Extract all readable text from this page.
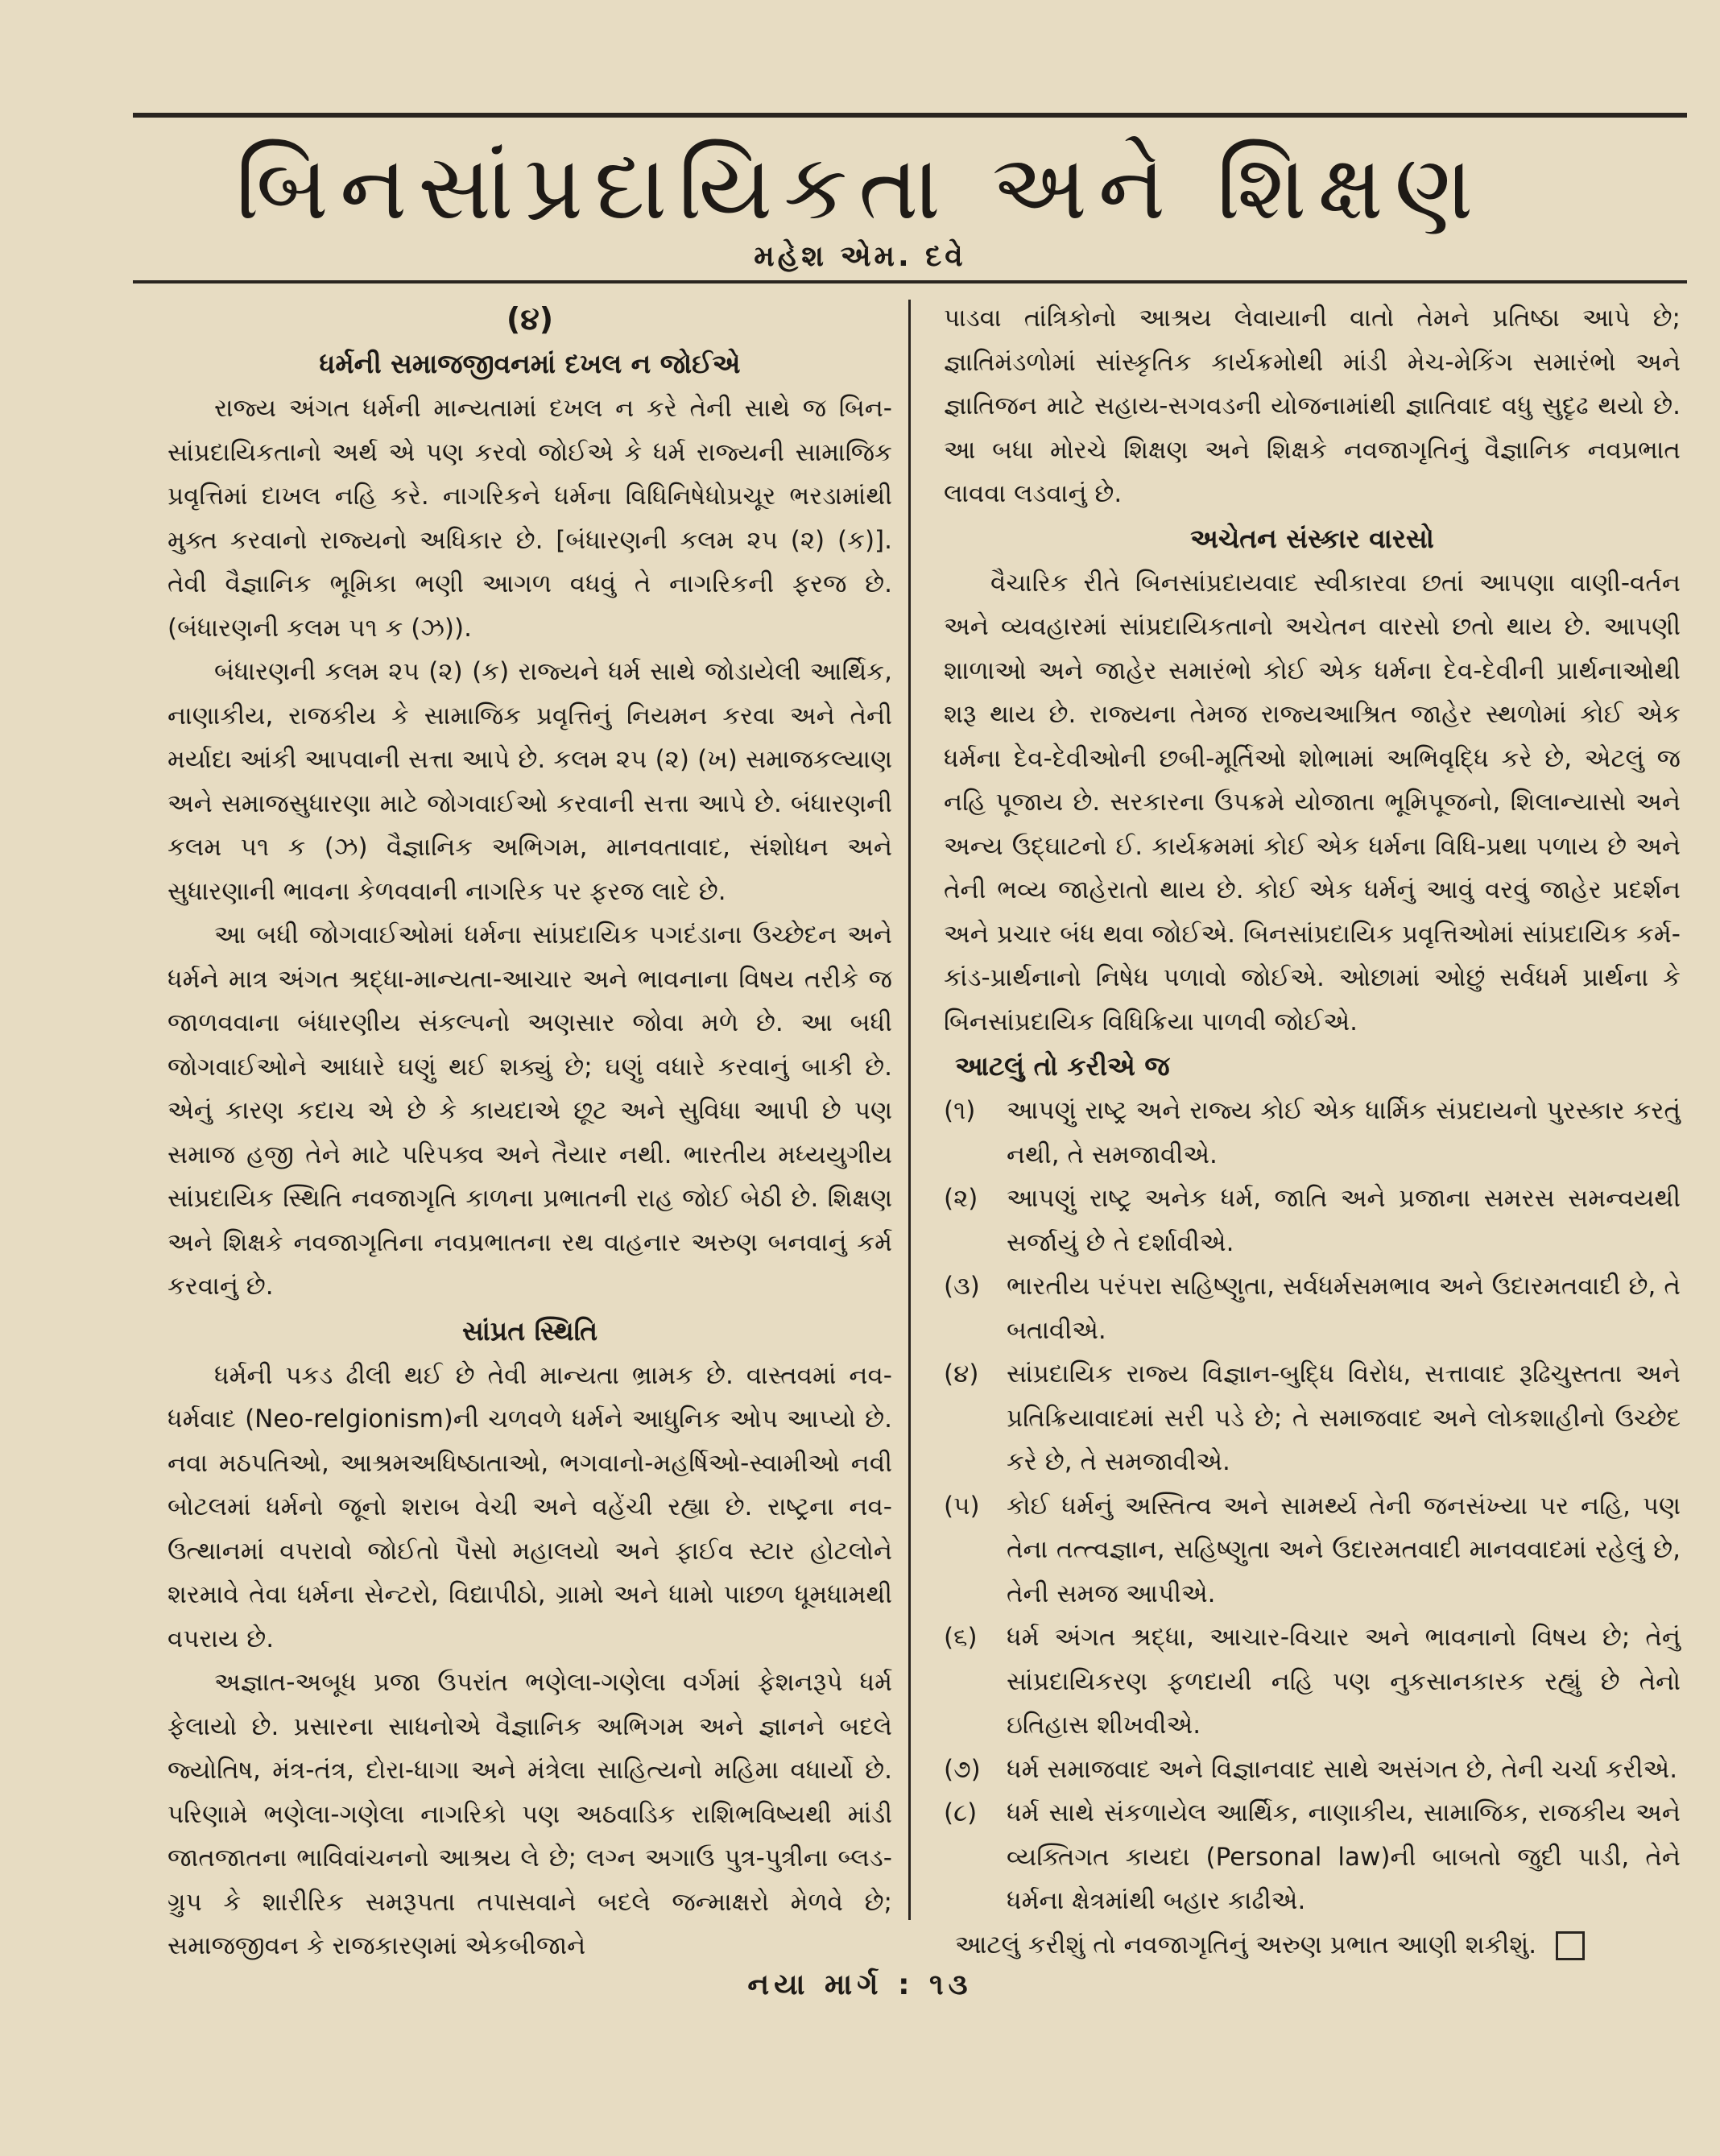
બિનસાંપ્રદાયિકતા અને શિક્ષણ
મહેશ એમ. દવે

(૪)

ધર્મની સમાજજીવનમાં દખલ ન જોઈએ

રાજ્ય અંગત ધર્મની માન્યતામાં દખલ ન કરે તેની સાથે જ બિન-સાંપ્રદાયિકતાનો અર્થ એ પણ કરવો જોઈએ કે ધર્મ રાજ્યની સામાજિક પ્રવૃત્તિમાં દાખલ નહિ કરે. નાગરિકને ધર્મના વિધિનિષેધોપ્રચૂર ભરડામાંથી મુક્ત કરવાનો રાજ્યનો અધિકાર છે. [બંધારણની કલમ ૨૫ (૨) (ક)]. તેવી વૈજ્ઞાનિક ભૂમિકા ભણી આગળ વધવું તે નાગરિકની ફરજ છે. (બંધારણની કલમ ૫૧ ક (ઝ)).

બંધારણની કલમ ૨૫ (૨) (ક) રાજ્યને ધર્મ સાથે જોડાયેલી આર્થિક, નાણાકીય, રાજકીય કે સામાજિક પ્રવૃત્તિનું નિયમન કરવા અને તેની મર્યાદા આંકી આપવાની સત્તા આપે છે. કલમ ૨૫ (૨) (ખ) સમાજકલ્યાણ અને સમાજસુધારણા માટે જોગવાઈઓ કરવાની સત્તા આપે છે. બંધારણની કલમ ૫૧ ક (ઝ) વૈજ્ઞાનિક અભિગમ, માનવતાવાદ, સંશોધન અને સુધારણાની ભાવના કેળવવાની નાગરિક પર ફરજ લાદે છે.

આ બધી જોગવાઈઓમાં ધર્મના સાંપ્રદાયિક પગદંડાના ઉચ્છેદન અને ધર્મને માત્ર અંગત શ્રદ્ધા-માન્યતા-આચાર અને ભાવનાના વિષય તરીકે જ જાળવવાના બંધારણીય સંકલ્પનો અણસાર જોવા મળે છે. આ બધી જોગવાઈઓને આધારે ઘણું થઈ શક્યું છે; ઘણું વધારે કરવાનું બાકી છે. એનું કારણ કદાચ એ છે કે કાયદાએ છૂટ અને સુવિધા આપી છે પણ સમાજ હજી તેને માટે પરિપક્વ અને તૈયાર નથી. ભારતીય મધ્યયુગીય સાંપ્રદાયિક સ્થિતિ નવજાગૃતિ કાળના પ્રભાતની રાહ જોઈ બેઠી છે. શિક્ષણ અને શિક્ષકે નવજાગૃતિના નવપ્રભાતના રથ વાહનાર અરુણ બનવાનું કર્મ કરવાનું છે.

સાંપ્રત સ્થિતિ

ધર્મની પકડ ઢીલી થઈ છે તેવી માન્યતા ભ્રામક છે. વાસ્તવમાં નવ-ધર્મવાદ (Neo-relgionism)ની ચળવળે ધર્મને આધુનિક ઓપ આપ્યો છે. નવા મઠપતિઓ, આશ્રમઅધિષ્ઠાતાઓ, ભગવાનો-મહર્ષિઓ-સ્વામીઓ નવી બોટલમાં ધર્મનો જૂનો શરાબ વેચી અને વહેંચી રહ્યા છે. રાષ્ટ્રના નવ-ઉત્થાનમાં વપરાવો જોઈતો પૈસો મહાલયો અને ફાઈવ સ્ટાર હોટલોને શરમાવે તેવા ધર્મના સેન્ટરો, વિદ્યાપીઠો, ગ્રામો અને ધામો પાછળ ધૂમધામથી વપરાય છે.

અજ્ઞાત-અબૂધ પ્રજા ઉપરાંત ભણેલા-ગણેલા વર્ગમાં ફેશનરૂપે ધર્મ ફેલાયો છે. પ્રસારના સાધનોએ વૈજ્ઞાનિક અભિગમ અને જ્ઞાનને બદલે જ્યોતિષ, મંત્ર-તંત્ર, દોરા-ધાગા અને મંત્રેલા સાહિત્યનો મહિમા વધાર્યો છે. પરિણામે ભણેલા-ગણેલા નાગરિકો પણ અઠવાડિક રાશિભવિષ્યથી માંડી જાતજાતના ભાવિવાંચનનો આશ્રય લે છે; લગ્ન અગાઉ પુત્ર-પુત્રીના બ્લડ-ગ્રુપ કે શારીરિક સમરૂપતા તપાસવાને બદલે જન્માક્ષરો મેળવે છે; સમાજજીવન કે રાજકારણમાં એકબીજાને

પાડવા તાંત્રિકોનો આશ્રય લેવાયાની વાતો તેમને પ્રતિષ્ઠા આપે છે; જ્ઞાતિમંડળોમાં સાંસ્કૃતિક કાર્યક્રમોથી માંડી મેચ-મેકિંગ સમારંભો અને જ્ઞાતિજન માટે સહાય-સગવડની યોજનામાંથી જ્ઞાતિવાદ વધુ સુદૃઢ થયો છે. આ બધા મોરચે શિક્ષણ અને શિક્ષકે નવજાગૃતિનું વૈજ્ઞાનિક નવપ્રભાત લાવવા લડવાનું છે.

અચેતન સંસ્કાર વારસો

વૈચારિક રીતે બિનસાંપ્રદાયવાદ સ્વીકારવા છતાં આપણા વાણી-વર્તન અને વ્યવહારમાં સાંપ્રદાયિકતાનો અચેતન વારસો છતો થાય છે. આપણી શાળાઓ અને જાહેર સમારંભો કોઈ એક ધર્મના દેવ-દેવીની પ્રાર્થનાઓથી શરૂ થાય છે. રાજ્યના તેમજ રાજ્યઆશ્રિત જાહેર સ્થળોમાં કોઈ એક ધર્મના દેવ-દેવીઓની છબી-મૂર્તિઓ શોભામાં અભિવૃદ્ધિ કરે છે, એટલું જ નહિ પૂજાય છે. સરકારના ઉપક્રમે યોજાતા ભૂમિપૂજનો, શિલાન્યાસો અને અન્ય ઉદ્ઘાટનો ઈ. કાર્યક્રમમાં કોઈ એક ધર્મના વિધિ-પ્રથા પળાય છે અને તેની ભવ્ય જાહેરાતો થાય છે. કોઈ એક ધર્મનું આવું વરવું જાહેર પ્રદર્શન અને પ્રચાર બંધ થવા જોઈએ. બિનસાંપ્રદાયિક પ્રવૃત્તિઓમાં સાંપ્રદાયિક કર્મ-કાંડ-પ્રાર્થનાનો નિષેધ પળાવો જોઈએ. ઓછામાં ઓછું સર્વધર્મ પ્રાર્થના કે બિનસાંપ્રદાયિક વિધિક્રિયા પાળવી જોઈએ.

આટલું તો કરીએ જ

(૧)	આપણું રાષ્ટ્ર અને રાજ્ય કોઈ એક ધાર્મિક સંપ્રદાયનો પુરસ્કાર કરતું નથી, તે સમજાવીએ.
(૨)	આપણું રાષ્ટ્ર અનેક ધર્મ, જાતિ અને પ્રજાના સમરસ સમન્વયથી સર્જાયું છે તે દર્શાવીએ.
(૩)	ભારતીય પરંપરા સહિષ્ણુતા, સર્વધર્મસમભાવ અને ઉદારમતવાદી છે, તે બતાવીએ.
(૪)	સાંપ્રદાયિક રાજ્ય વિજ્ઞાન-બુદ્ધિ વિરોધ, સત્તાવાદ રૂઢિચુસ્તતા અને પ્રતિક્રિયાવાદમાં સરી પડે છે; તે સમાજવાદ અને લોકશાહીનો ઉચ્છેદ કરે છે, તે સમજાવીએ.
(૫)	કોઈ ધર્મનું અસ્તિત્વ અને સામર્થ્ય તેની જનસંખ્યા પર નહિ, પણ તેના તત્ત્વજ્ઞાન, સહિષ્ણુતા અને ઉદારમતવાદી માનવવાદમાં રહેલું છે, તેની સમજ આપીએ.
(૬)	ધર્મ અંગત શ્રદ્ધા, આચાર-વિચાર અને ભાવનાનો વિષય છે; તેનું સાંપ્રદાયિકરણ ફળદાયી નહિ પણ નુકસાનકારક રહ્યું છે તેનો ઇતિહાસ શીખવીએ.
(૭)	ધર્મ સમાજવાદ અને વિજ્ઞાનવાદ સાથે અસંગત છે, તેની ચર્ચા કરીએ.
(૮)	ધર્મ સાથે સંકળાયેલ આર્થિક, નાણાકીય, સામાજિક, રાજકીય અને વ્યક્તિગત કાયદા (Personal law)ની બાબતો જુદી પાડી, તેને ધર્મના ક્ષેત્રમાંથી બહાર કાઢીએ.

આટલું કરીશું તો નવજાગૃતિનું અરુણ પ્રભાત આણી શકીશું.

નયા માર્ગ : ૧૩
